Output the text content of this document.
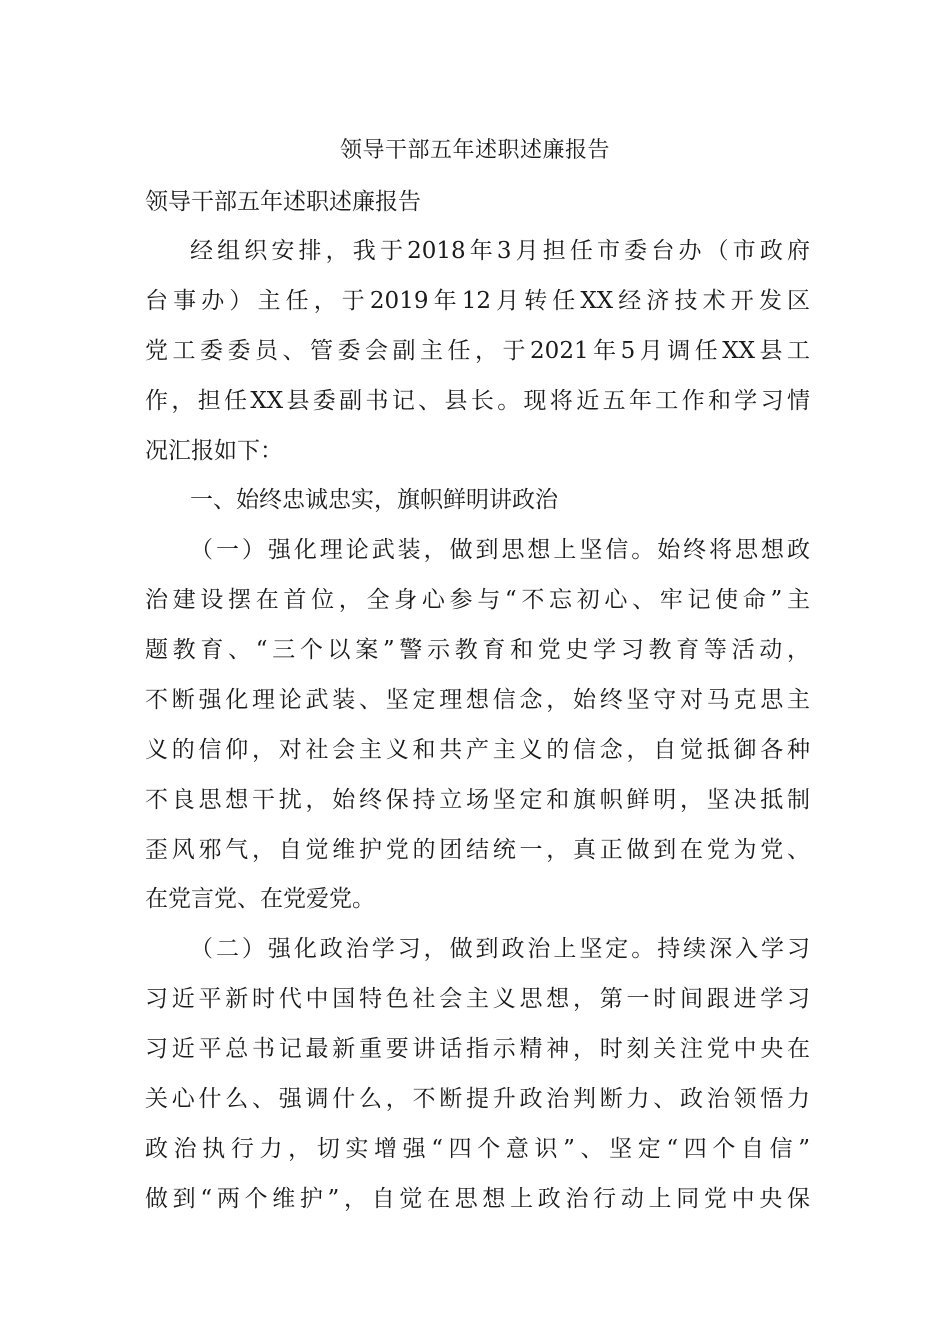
领导干部五年述职述廉报告
领导干部五年述职述廉报告
经组织安排，我于2018年3月担任市委台办（市政府
台事办）主任，于2019年12月转任XX经济技术开发区
党工委委员、管委会副主任，于2021年5月调任XX县工
作，担任XX县委副书记、县长。现将近五年工作和学习情
况汇报如下：
一、始终忠诚忠实，旗帜鲜明讲政治
（一）强化理论武装，做到思想上坚信。始终将思想政
治建设摆在首位，全身心参与“不忘初心、牢记使命”主
题教育、“三个以案”警示教育和党史学习教育等活动，
不断强化理论武装、坚定理想信念，始终坚守对马克思主
义的信仰，对社会主义和共产主义的信念，自觉抵御各种
不良思想干扰，始终保持立场坚定和旗帜鲜明，坚决抵制
歪风邪气，自觉维护党的团结统一，真正做到在党为党、
在党言党、在党爱党。
（二）强化政治学习，做到政治上坚定。持续深入学习
习近平新时代中国特色社会主义思想，第一时间跟进学习
习近平总书记最新重要讲话指示精神，时刻关注党中央在
关心什么、强调什么，不断提升政治判断力、政治领悟力
政治执行力，切实增强“四个意识”、坚定“四个自信”
做到“两个维护”，自觉在思想上政治行动上同党中央保
